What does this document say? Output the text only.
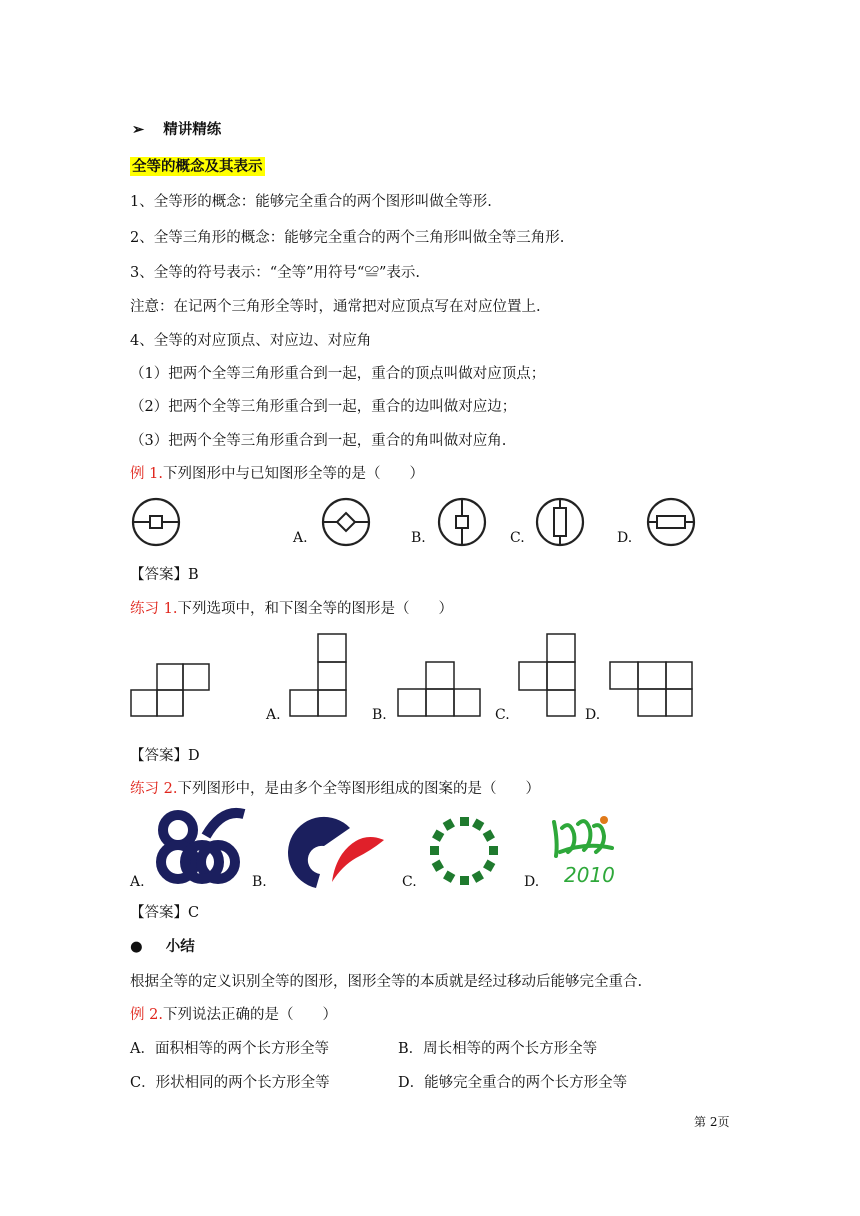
➢ 精讲精练
全等的概念及其表示
1、全等形的概念：能够完全重合的两个图形叫做全等形.
2、全等三角形的概念：能够完全重合的两个三角形叫做全等三角形.
3、全等的符号表示：“全等”用符号“≌”表示.
注意：在记两个三角形全等时，通常把对应顶点写在对应位置上.
4、全等的对应顶点、对应边、对应角
（1）把两个全等三角形重合到一起，重合的顶点叫做对应顶点；
（2）把两个全等三角形重合到一起，重合的边叫做对应边；
（3）把两个全等三角形重合到一起，重合的角叫做对应角.
例 1.下列图形中与已知图形全等的是（　　）
A.	B.	C.	D.
【答案】B
练习 1.下列选项中，和下图全等的图形是（　　）
A.	B.	C.	D.
【答案】D
练习 2.下列图形中，是由多个全等图形组成的图案的是（　　）
A.	B.	C.	D. 2010
【答案】C
● 小结
根据全等的定义识别全等的图形，图形全等的本质就是经过移动后能够完全重合.
例 2.下列说法正确的是（　　）
A．面积相等的两个长方形全等	B．周长相等的两个长方形全等
C．形状相同的两个长方形全等	D．能够完全重合的两个长方形全等
第 2页
